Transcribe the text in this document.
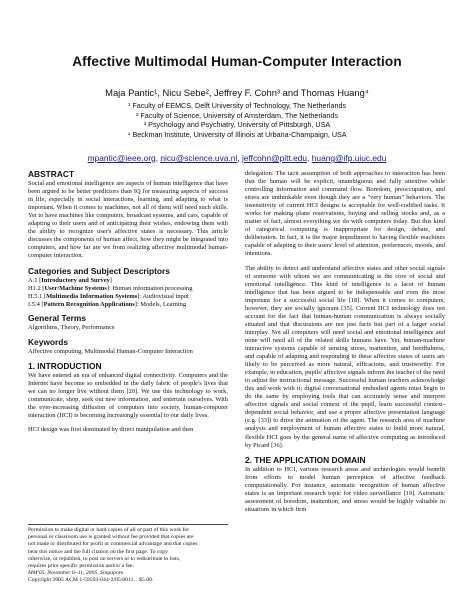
Affective Multimodal Human-Computer Interaction
Maja Pantic¹, Nicu Sebe², Jeffrey F. Cohn³ and Thomas Huang⁴
¹ Faculty of EEMCS, Delft University of Technology, The Netherlands
² Faculty of Science, University of Amsterdam, The Netherlands
³ Psychology and Psychiatry, University of Pittsburgh, USA
⁴ Beckman Institute, University of Illinois at Urbana-Champaign, USA
mpantic@ieee.org, nicu@science.uva.nl, jeffcohn@pitt.edu, huang@ifp.uiuc.edu
ABSTRACT

Social and emotional intelligence are aspects of human intelligence that have been argued to be better predictors than IQ for measuring aspects of success in life, especially in social interactions, learning, and adapting to what is important. When it comes to machines, not all of them will need such skills. Yet to have machines like computers, broadcast systems, and cars, capable of adapting to their users and of anticipating their wishes, endowing them with the ability to recognize user's affective states is necessary. This article discusses the components of human affect, how they might be integrated into computers, and how far are we from realizing affective multimodal human-computer interaction.

Categories and Subject Descriptors
A.1 [Introductory and Survey]
H1.2 [User/Machine Systems]: Human information processing
H.5.1 [Multimedia Information Systems]: Audiovisual input
I.5.4 [Pattern Recognition Applications]: Models, Learning
General Terms

Algorithms, Theory, Performance

Keywords

Affective computing, Multimodal Human-Computer Interaction

1. INTRODUCTION

We have entered an era of enhanced digital connectivity. Computers and the Internet have become so embedded in the daily fabric of people's lives that we can no longer live without them [20]. We use this technology to work, communicate, shop, seek out new information, and entertain ourselves. With the ever-increasing diffusion of computers into society, human-computer interaction (HCI) is becoming increasingly essential to our daily lives.

HCI design was first dominated by direct manipulation and then

Permission to make digital or hard copies of all or part of this work for
personal or classroom use is granted without fee provided that copies are
not made or distributed for profit or commercial advantage and that copies
bear this notice and the full citation on the first page. To copy
otherwise, or republish, to post on servers or to redistribute to lists,
requires prior specific permission and/or a fee.
MM'05, November 6–11, 2005, Singapore.
Copyright 2005 ACM 1-59593-044-2/05/0011…$5.00.

delegation. The tacit assumption of both approaches to interaction has been that the human will be explicit, unambiguous and fully attentive while controlling information and command flow. Boredom, preoccupation, and stress are unthinkable even though they are a "very human" behaviors. The insensitivity of current HCI designs is acceptable for well-codified tasks. It works for making plane reservations, buying and selling stocks and, as a matter of fact, almost everything we do with computers today. But this kind of categorical computing is inappropriate for design, debate, and deliberation. In fact, it is the major impediment to having flexible machines capable of adapting to their users' level of attention, preferences, moods, and intentions.

The ability to detect and understand affective states and other social signals of someone with whom we are communicating is the core of social and emotional intelligence. This kind of intelligence is a facet of human intelligence that has been argued to be indispensable and even the most important for a successful social life [18]. When it comes to computers, however, they are socially ignorant [35]. Current HCI technology does not account for the fact that human-human communication is always socially situated and that discussions are not just facts but part of a larger social interplay. Not all computers will need social and emotional intelligence and none will need all of the related skills humans have. Yet, human-machine interactive systems capable of sensing stress, inattention, and heedfulness, and capable of adapting and responding to these affective states of users are likely to be perceived as more natural, efficacious, and trustworthy. For example, in education, pupils' affective signals inform the teacher of the need to adjust the instructional message. Successful human teachers acknowledge this and work with it; digital conversational embodied agents must begin to do the same by employing tools that can accurately sense and interpret affective signals and social context of the pupil, learn successful context-dependent social behavior, and use a proper affective presentation language (e.g. [33]) to drive the animation of the agent. The research area of machine analysis and employment of human affective states to build more natural, flexible HCI goes by the general name of affective computing as introduced by Picard [36].

2. THE APPLICATION DOMAIN

In addition to HCI, various research areas and technologies would benefit from efforts to model human perception of affective feedback computationally. For instance, automatic recognition of human affective states is an important research topic for video surveillance [19]. Automatic assessment of boredom, inattention, and stress would be highly valuable in situations in which firm
